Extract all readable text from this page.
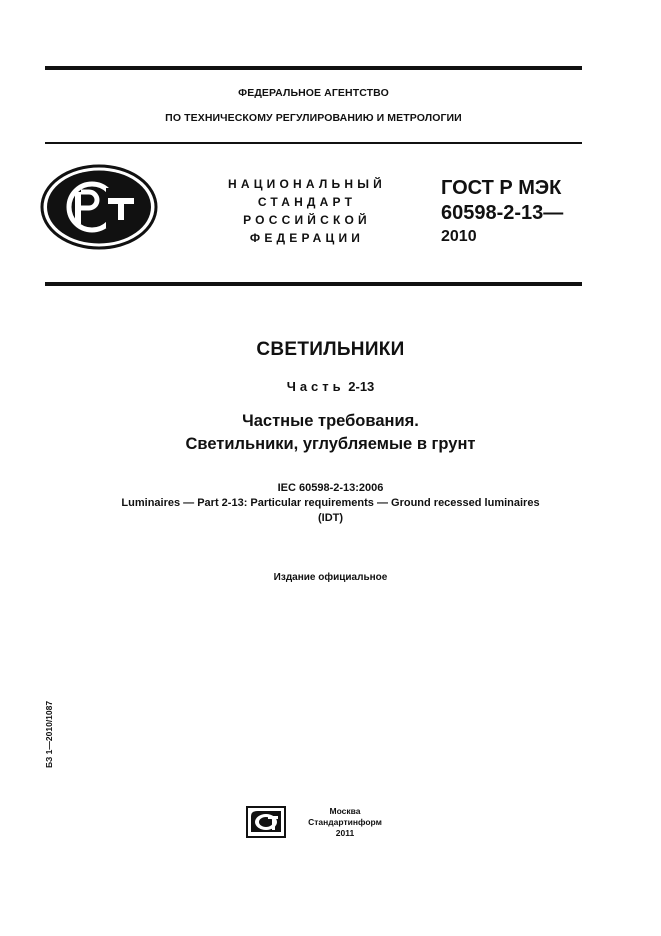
ФЕДЕРАЛЬНОЕ АГЕНТСТВО
ПО ТЕХНИЧЕСКОМУ РЕГУЛИРОВАНИЮ И МЕТРОЛОГИИ
НАЦИОНАЛЬНЫЙ
СТАНДАРТ
РОССИЙСКОЙ
ФЕДЕРАЦИИ
ГОСТ Р МЭК
60598-2-13—
2010
СВЕТИЛЬНИКИ
Часть 2-13
Частные требования.
Светильники, углубляемые в грунт
IEC 60598-2-13:2006
Luminaires — Part 2-13: Particular requirements — Ground recessed luminaires
(IDT)
Издание официальное
БЗ 1—2010/1087
Москва
Стандартинформ
2011
